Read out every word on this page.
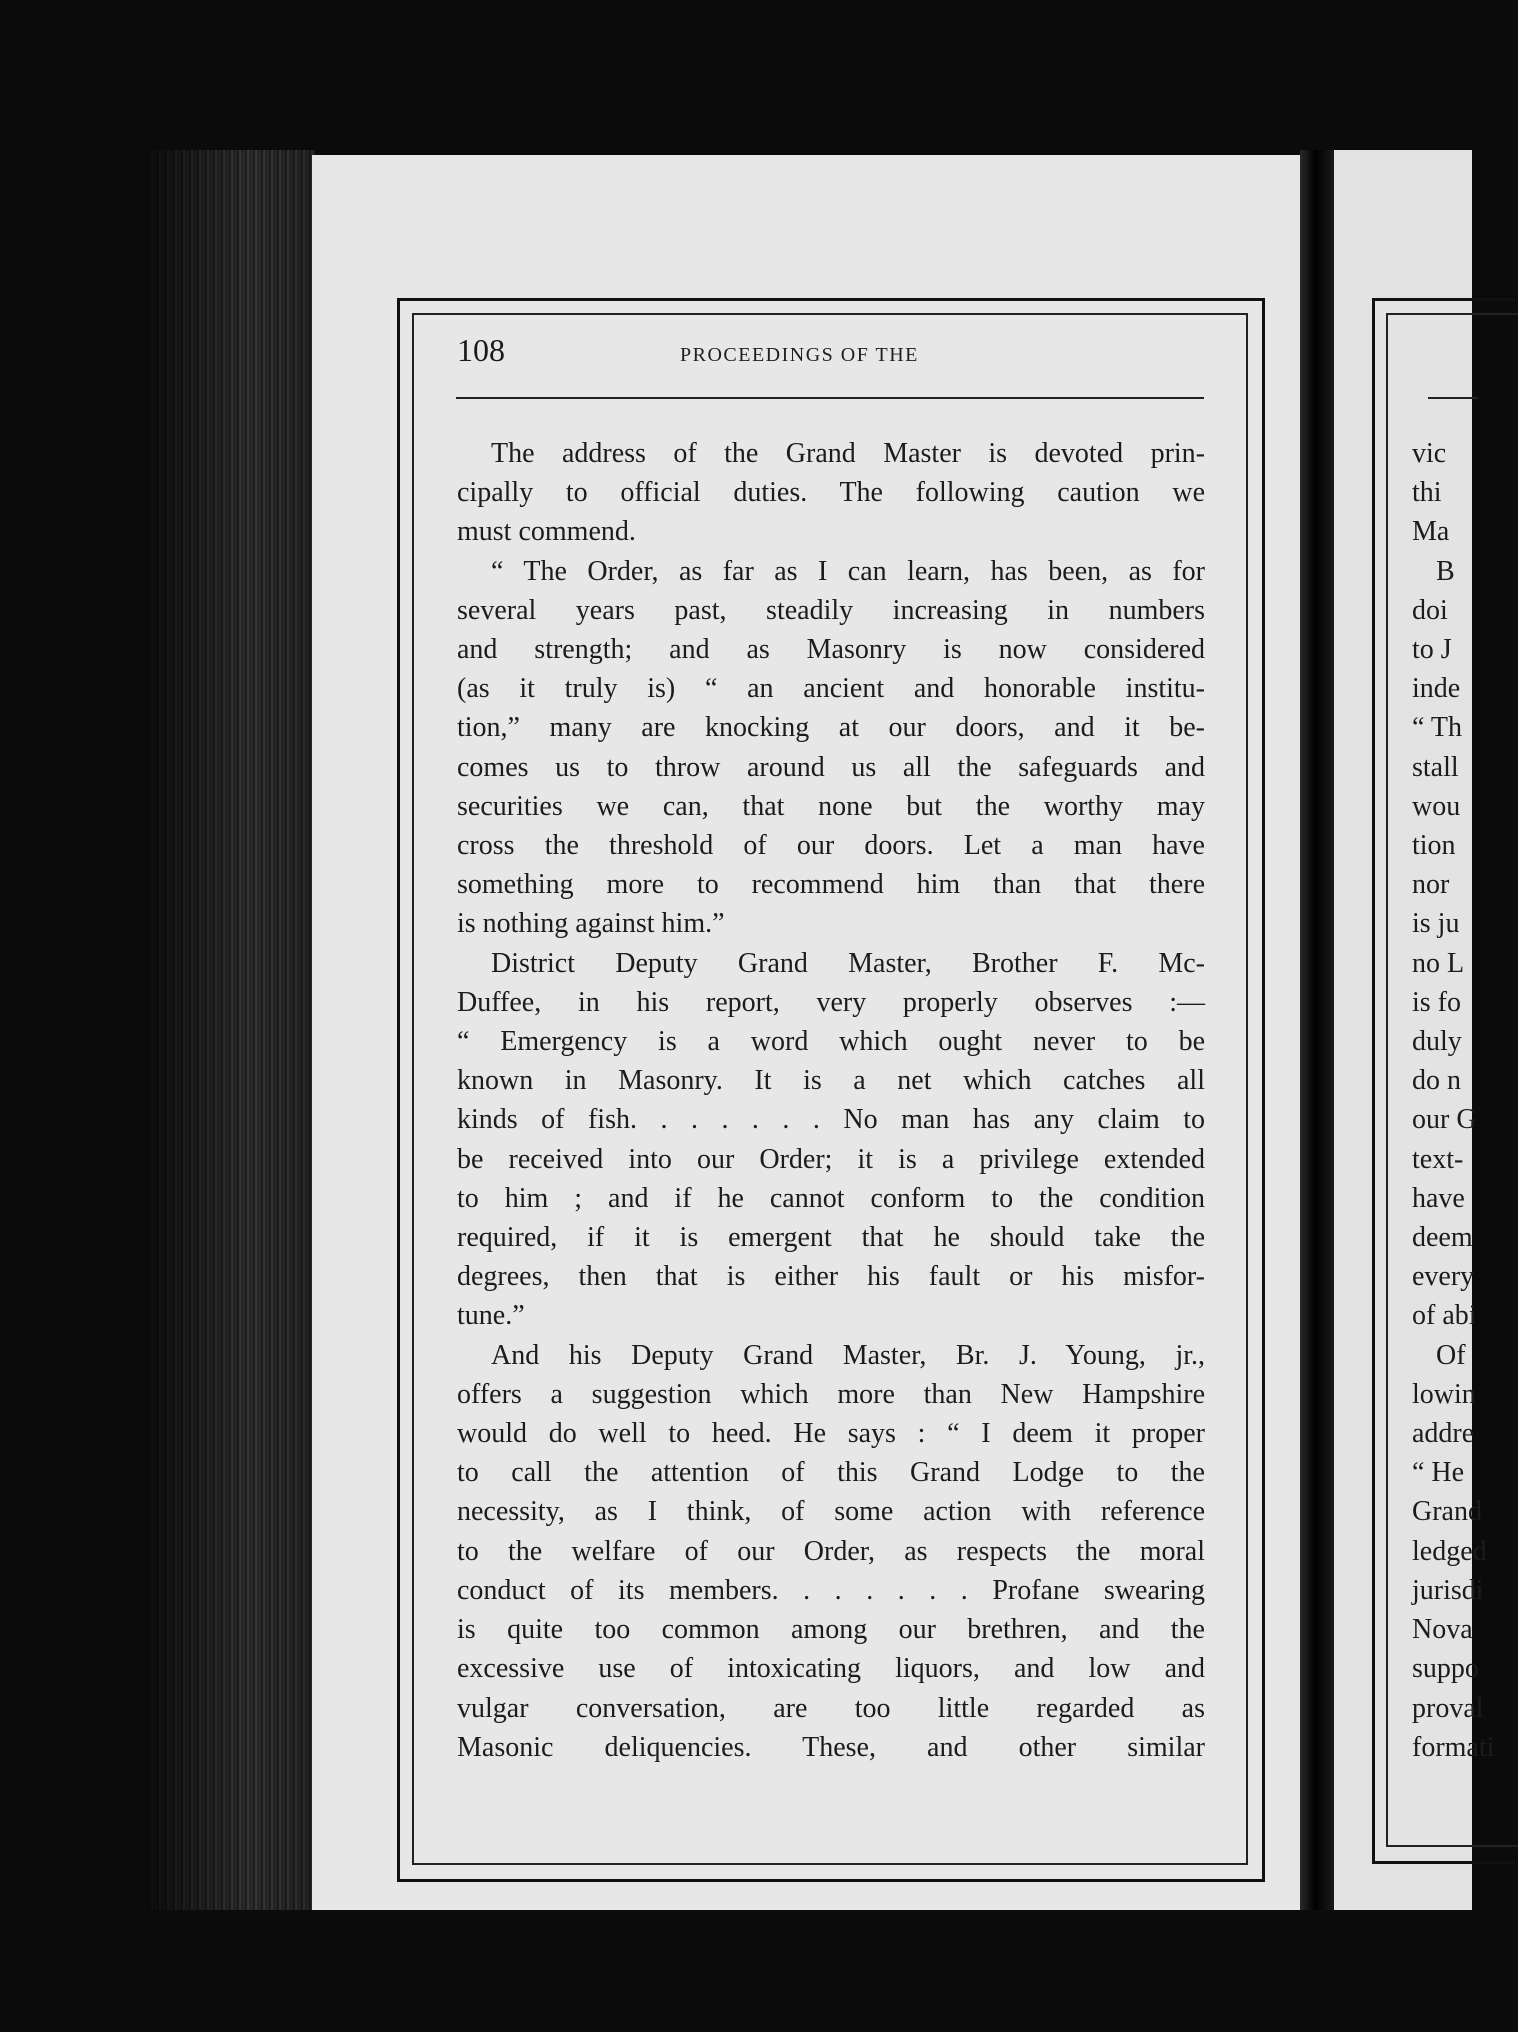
108	PROCEEDINGS OF THE
The address of the Grand Master is devoted prin-
cipally to official duties. The following caution we
must commend.
“ The Order, as far as I can learn, has been, as for
several years past, steadily increasing in numbers
and strength; and as Masonry is now considered
(as it truly is) “ an ancient and honorable institu-
tion,” many are knocking at our doors, and it be-
comes us to throw around us all the safeguards and
securities we can, that none but the worthy may
cross the threshold of our doors. Let a man have
something more to recommend him than that there
is nothing against him.”
District Deputy Grand Master, Brother F. Mc-
Duffee, in his report, very properly observes :—
“ Emergency is a word which ought never to be
known in Masonry. It is a net which catches all
kinds of fish. . . . . . . No man has any claim to
be received into our Order; it is a privilege extended
to him ; and if he cannot conform to the condition
required, if it is emergent that he should take the
degrees, then that is either his fault or his misfor-
tune.”
And his Deputy Grand Master, Br. J. Young, jr.,
offers a suggestion which more than New Hampshire
would do well to heed. He says : “ I deem it proper
to call the attention of this Grand Lodge to the
necessity, as I think, of some action with reference
to the welfare of our Order, as respects the moral
conduct of its members. . . . . . . Profane swearing
is quite too common among our brethren, and the
excessive use of intoxicating liquors, and low and
vulgar conversation, are too little regarded as
Masonic deliquencies. These, and other similar
vic
thi
Ma
B
doi
to J
inde
“ Th
stall
wou
tion
nor
is ju
no L
is fo
duly
do n
our G
text-
have
deem
every
of abi
Of
lowin
addre
“ He
Grand
ledged
jurisdi
Nova
suppo
proval
formati
